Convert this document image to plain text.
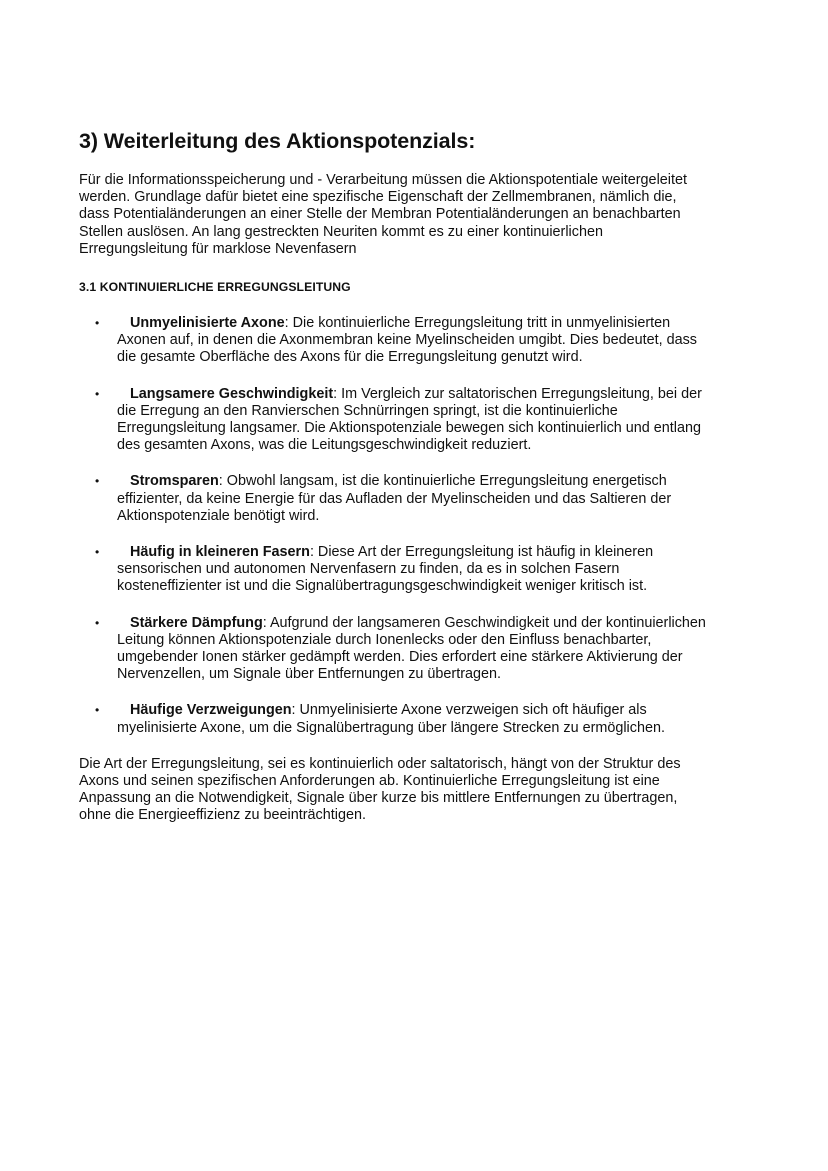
3) Weiterleitung des Aktionspotenzials:

Für die Informationsspeicherung und - Verarbeitung müssen die Aktionspotentiale weitergeleitet
werden. Grundlage dafür bietet eine spezifische Eigenschaft der Zellmembranen, nämlich die,
dass Potentialänderungen an einer Stelle der Membran Potentialänderungen an benachbarten
Stellen auslösen. An lang gestreckten Neuriten kommt es zu einer kontinuierlichen
Erregungsleitung für marklose Nevenfasern

3.1 KONTINUIERLICHE ERREGUNGSLEITUNG
• Unmyelinisierte Axone: Die kontinuierliche Erregungsleitung tritt in unmyelinisierten
Axonen auf, in denen die Axonmembran keine Myelinscheiden umgibt. Dies bedeutet, dass
die gesamte Oberfläche des Axons für die Erregungsleitung genutzt wird.
• Langsamere Geschwindigkeit: Im Vergleich zur saltatorischen Erregungsleitung, bei der
die Erregung an den Ranvierschen Schnürringen springt, ist die kontinuierliche
Erregungsleitung langsamer. Die Aktionspotenziale bewegen sich kontinuierlich und entlang
des gesamten Axons, was die Leitungsgeschwindigkeit reduziert.
• Stromsparen: Obwohl langsam, ist die kontinuierliche Erregungsleitung energetisch
effizienter, da keine Energie für das Aufladen der Myelinscheiden und das Saltieren der
Aktionspotenziale benötigt wird.
• Häufig in kleineren Fasern: Diese Art der Erregungsleitung ist häufig in kleineren
sensorischen und autonomen Nervenfasern zu finden, da es in solchen Fasern
kosteneffizienter ist und die Signalübertragungsgeschwindigkeit weniger kritisch ist.
• Stärkere Dämpfung: Aufgrund der langsameren Geschwindigkeit und der kontinuierlichen
Leitung können Aktionspotenziale durch Ionenlecks oder den Einfluss benachbarter,
umgebender Ionen stärker gedämpft werden. Dies erfordert eine stärkere Aktivierung der
Nervenzellen, um Signale über Entfernungen zu übertragen.
• Häufige Verzweigungen: Unmyelinisierte Axone verzweigen sich oft häufiger als
myelinisierte Axone, um die Signalübertragung über längere Strecken zu ermöglichen.

Die Art der Erregungsleitung, sei es kontinuierlich oder saltatorisch, hängt von der Struktur des
Axons und seinen spezifischen Anforderungen ab. Kontinuierliche Erregungsleitung ist eine
Anpassung an die Notwendigkeit, Signale über kurze bis mittlere Entfernungen zu übertragen,
ohne die Energieeffizienz zu beeinträchtigen.
